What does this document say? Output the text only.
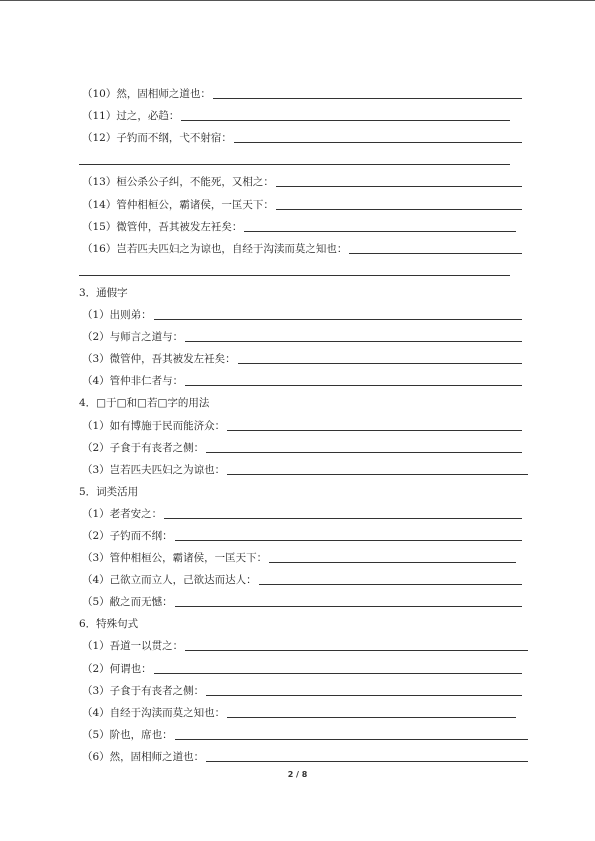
（10）然，固相师之道也：
（11）过之，必趋：
（12）子钓而不纲，弋不射宿：
（13）桓公杀公子纠，不能死，又相之：
（14）管仲相桓公，霸诸侯，一匡天下：
（15）微管仲，吾其被发左衽矣：
（16）岂若匹夫匹妇之为谅也，自经于沟渎而莫之知也：
3．通假字
（1）出则弟：
（2）与师言之道与：
（3）微管仲，吾其被发左衽矣：
（4）管仲非仁者与：
4．□于□和□若□字的用法
（1）如有博施于民而能济众：
（2）子食于有丧者之侧：
（3）岂若匹夫匹妇之为谅也：
5．词类活用
（1）老者安之：
（2）子钓而不纲：
（3）管仲相桓公，霸诸侯，一匡天下：
（4）己欲立而立人，己欲达而达人：
（5）敝之而无憾：
6．特殊句式
（1）吾道一以贯之：
（2）何谓也：
（3）子食于有丧者之侧：
（4）自经于沟渎而莫之知也：
（5）阶也，席也：
（6）然，固相师之道也：
2 / 8
